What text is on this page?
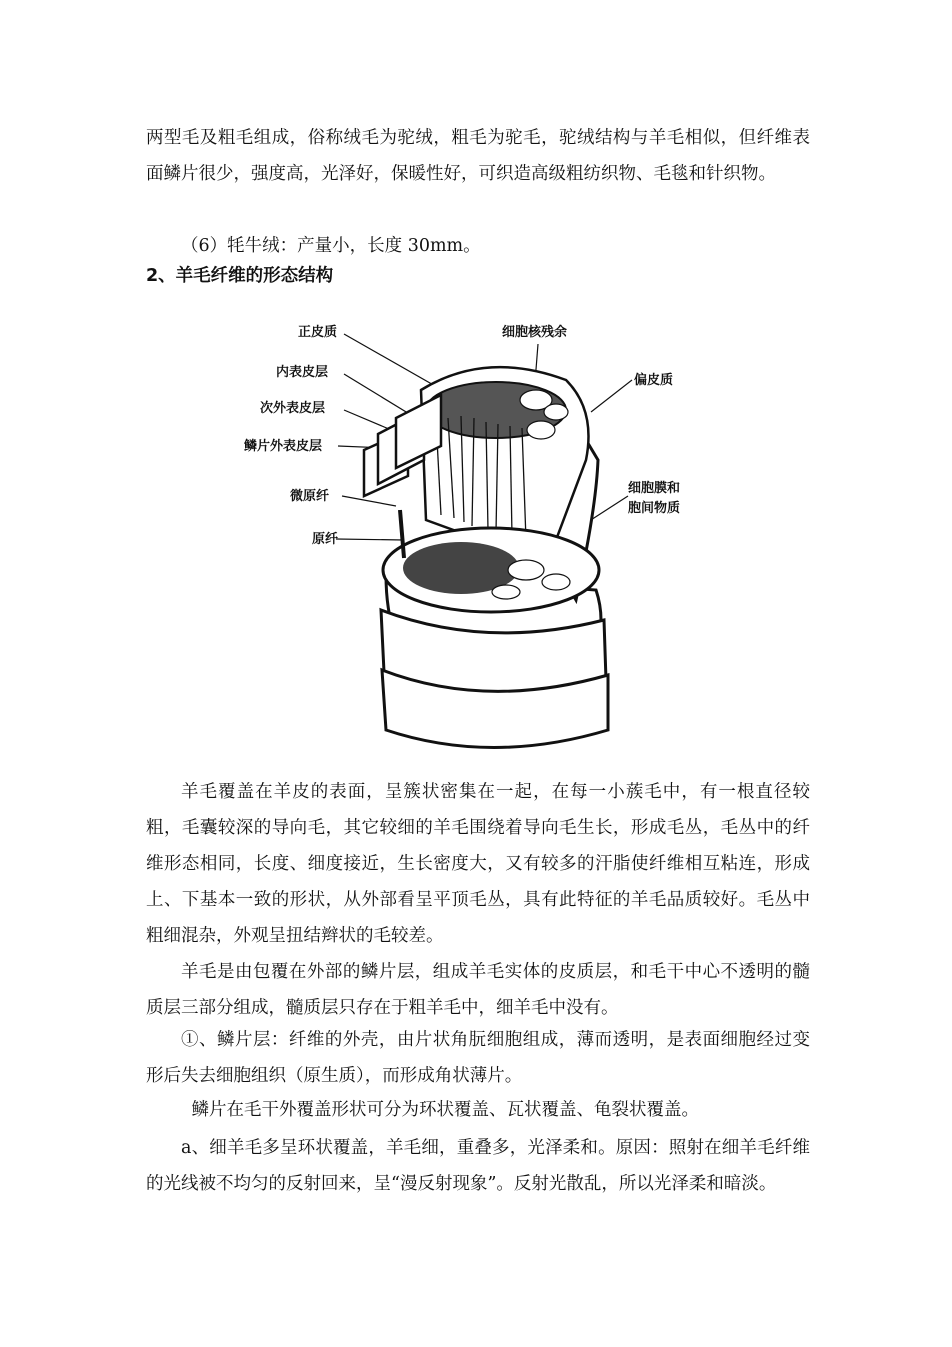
两型毛及粗毛组成，俗称绒毛为驼绒，粗毛为驼毛，驼绒结构与羊毛相似，但纤维表面鳞片很少，强度高，光泽好，保暖性好，可织造高级粗纺织物、毛毯和针织物。

（6）牦牛绒：产量小，长度 30mm。

2、羊毛纤维的形态结构
正皮质
内表皮层
次外表皮层
鳞片外表皮层
微原纤
原纤
细胞核残余
偏皮质
细胞膜和
胞间物质

羊毛覆盖在羊皮的表面，呈簇状密集在一起，在每一小蔟毛中，有一根直径较粗，毛囊较深的导向毛，其它较细的羊毛围绕着导向毛生长，形成毛丛，毛丛中的纤维形态相同，长度、细度接近，生长密度大，又有较多的汗脂使纤维相互粘连，形成上、下基本一致的形状，从外部看呈平顶毛丛，具有此特征的羊毛品质较好。毛丛中粗细混杂，外观呈扭结辫状的毛较差。

羊毛是由包覆在外部的鳞片层，组成羊毛实体的皮质层，和毛干中心不透明的髓质层三部分组成，髓质层只存在于粗羊毛中，细羊毛中没有。

①、鳞片层：纤维的外壳，由片状角朊细胞组成，薄而透明，是表面细胞经过变形后失去细胞组织（原生质），而形成角状薄片。

鳞片在毛干外覆盖形状可分为环状覆盖、瓦状覆盖、龟裂状覆盖。

a、细羊毛多呈环状覆盖，羊毛细，重叠多，光泽柔和。原因：照射在细羊毛纤维的光线被不均匀的反射回来，呈“漫反射现象”。反射光散乱，所以光泽柔和暗淡。
